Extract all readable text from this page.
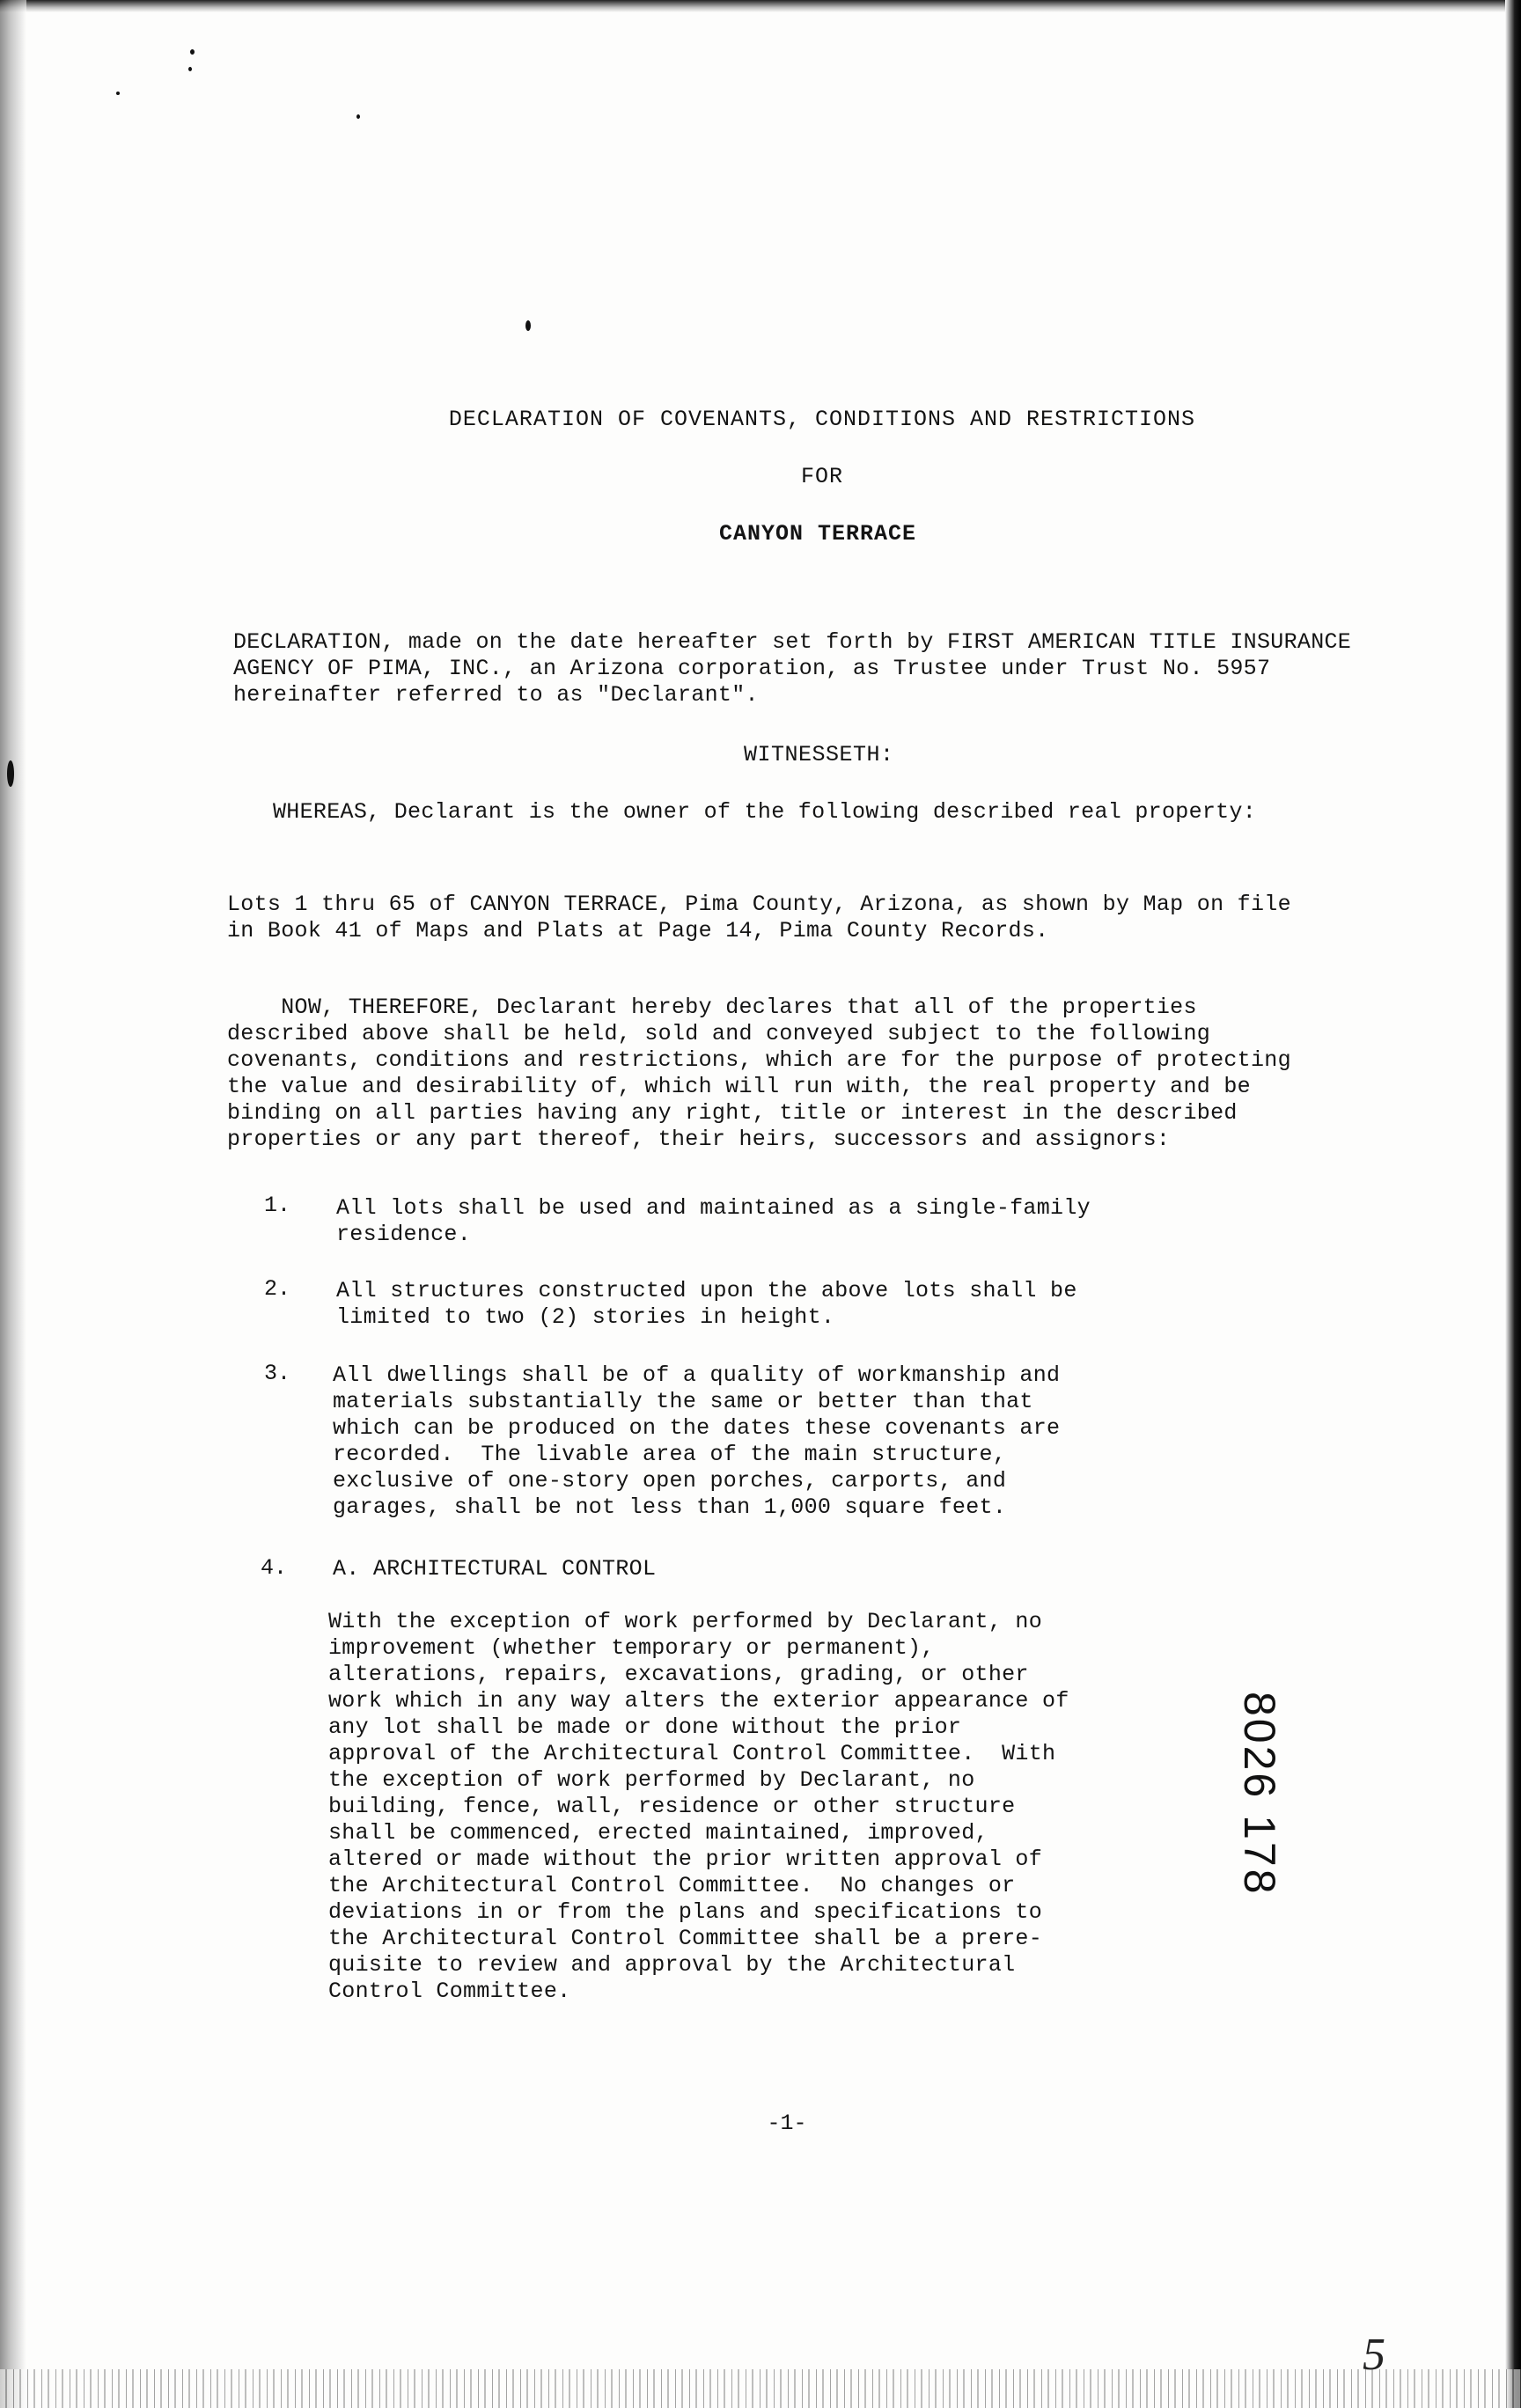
DECLARATION OF COVENANTS, CONDITIONS AND RESTRICTIONS
FOR
CANYON TERRACE
DECLARATION, made on the date hereafter set forth by FIRST AMERICAN TITLE INSURANCE
AGENCY OF PIMA, INC., an Arizona corporation, as Trustee under Trust No. 5957
hereinafter referred to as "Declarant".
WITNESSETH:
WHEREAS, Declarant is the owner of the following described real property:
Lots 1 thru 65 of CANYON TERRACE, Pima County, Arizona, as shown by Map on file
in Book 41 of Maps and Plats at Page 14, Pima County Records.
NOW, THEREFORE, Declarant hereby declares that all of the properties
described above shall be held, sold and conveyed subject to the following
covenants, conditions and restrictions, which are for the purpose of protecting
the value and desirability of, which will run with, the real property and be
binding on all parties having any right, title or interest in the described
properties or any part thereof, their heirs, successors and assignors:
1. All lots shall be used and maintained as a single-family
residence.
2. All structures constructed upon the above lots shall be
limited to two (2) stories in height.
3. All dwellings shall be of a quality of workmanship and
materials substantially the same or better than that
which can be produced on the dates these covenants are
recorded.  The livable area of the main structure,
exclusive of one-story open porches, carports, and
garages, shall be not less than 1,000 square feet.
4. A. ARCHITECTURAL CONTROL
With the exception of work performed by Declarant, no
improvement (whether temporary or permanent),
alterations, repairs, excavations, grading, or other
work which in any way alters the exterior appearance of
any lot shall be made or done without the prior
approval of the Architectural Control Committee.  With
the exception of work performed by Declarant, no
building, fence, wall, residence or other structure
shall be commenced, erected maintained, improved,
altered or made without the prior written approval of
the Architectural Control Committee.  No changes or
deviations in or from the plans and specifications to
the Architectural Control Committee shall be a prere-
quisite to review and approval by the Architectural
Control Committee.
8026 178
-1-
5
